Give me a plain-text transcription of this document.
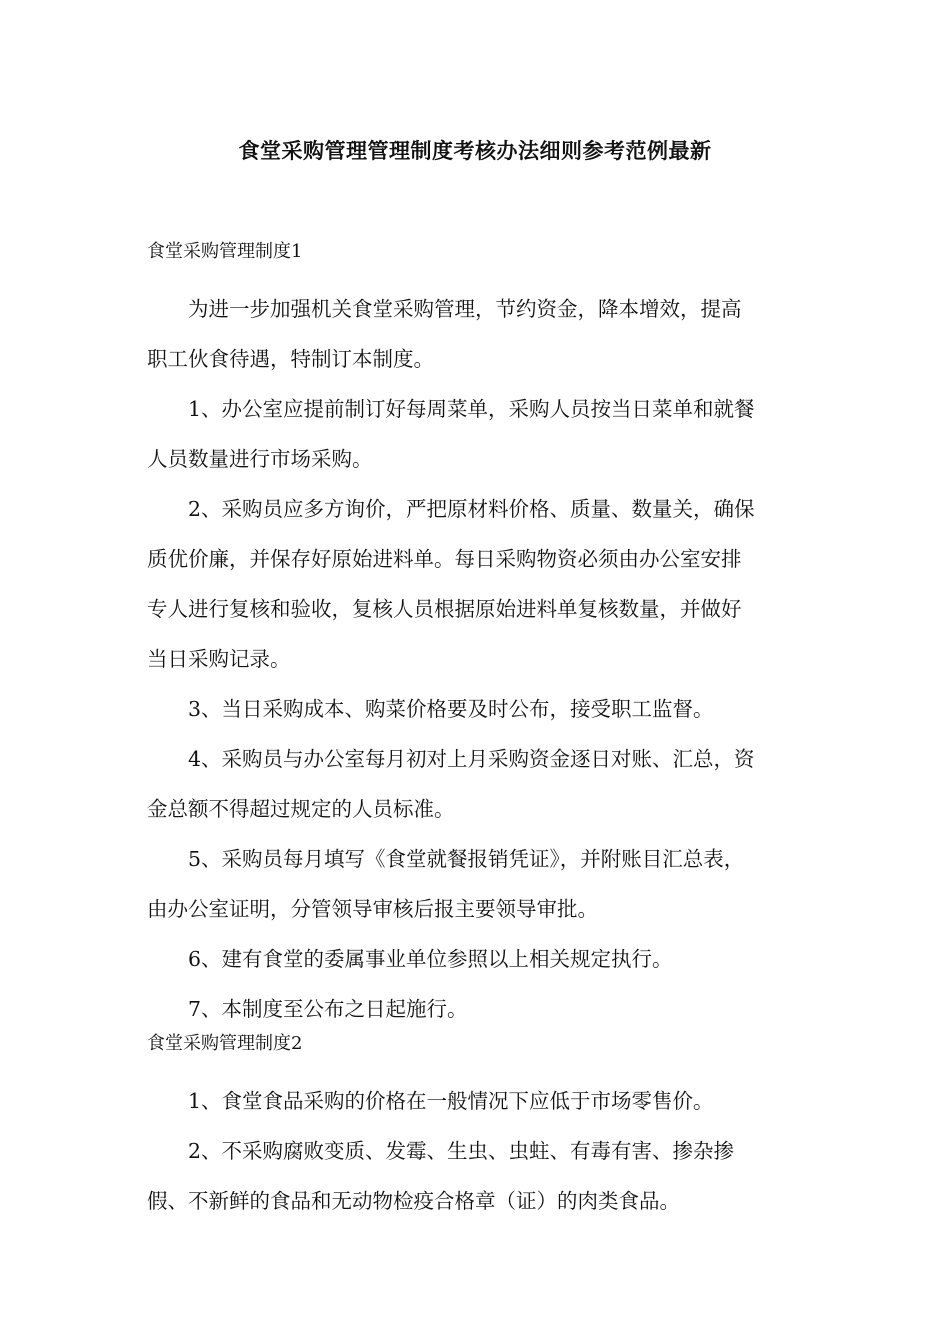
食堂采购管理管理制度考核办法细则参考范例最新
食堂采购管理制度1
为进一步加强机关食堂采购管理，节约资金，降本增效，提高
职工伙食待遇，特制订本制度。
1、办公室应提前制订好每周菜单，采购人员按当日菜单和就餐
人员数量进行市场采购。
2、采购员应多方询价，严把原材料价格、质量、数量关，确保
质优价廉，并保存好原始进料单。每日采购物资必须由办公室安排
专人进行复核和验收，复核人员根据原始进料单复核数量，并做好
当日采购记录。
3、当日采购成本、购菜价格要及时公布，接受职工监督。
4、采购员与办公室每月初对上月采购资金逐日对账、汇总，资
金总额不得超过规定的人员标准。
5、采购员每月填写《食堂就餐报销凭证》，并附账目汇总表，
由办公室证明，分管领导审核后报主要领导审批。
6、建有食堂的委属事业单位参照以上相关规定执行。
7、本制度至公布之日起施行。
食堂采购管理制度2
1、食堂食品采购的价格在一般情况下应低于市场零售价。
2、不采购腐败变质、发霉、生虫、虫蛀、有毒有害、掺杂掺
假、不新鲜的食品和无动物检疫合格章（证）的肉类食品。
